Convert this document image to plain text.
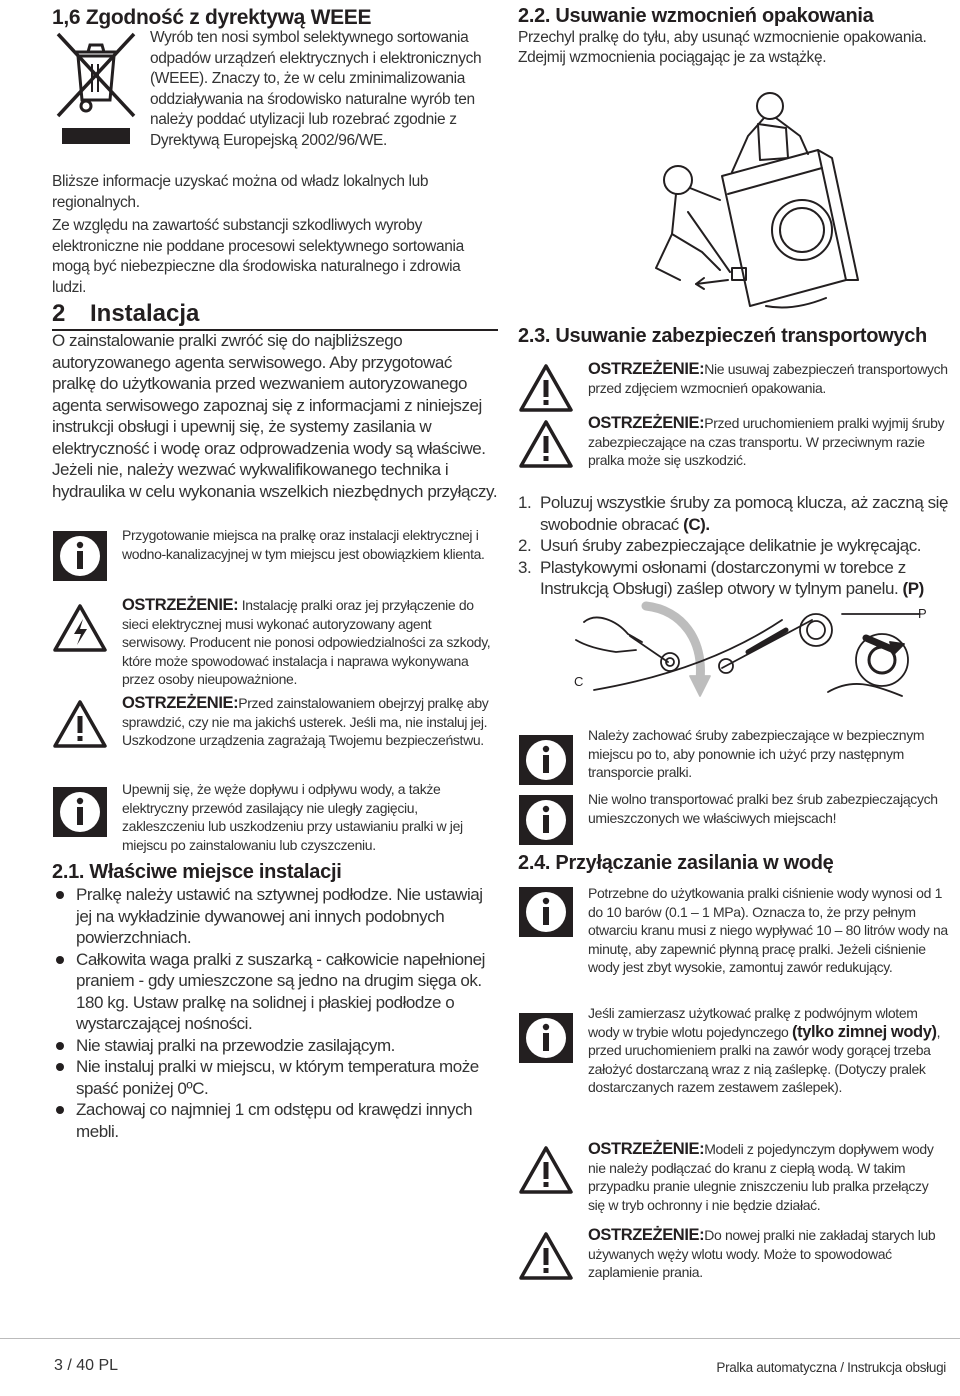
1,6 Zgodność z dyrektywą WEEE
Wyrób ten nosi symbol selektywnego sortowania odpadów urządzeń elektrycznych i elektronicznych (WEEE). Znaczy to, że w celu zminimalizowania oddziaływania na środowisko naturalne wyrób ten należy poddać utylizacji lub rozebrać zgodnie z Dyrektywą Europejską 2002/96/WE.
Bliższe informacje uzyskać można od władz lokalnych lub regionalnych.
Ze względu na zawartość substancji szkodliwych wyroby elektroniczne nie poddane procesowi selektywnego sortowania mogą być niebezpieczne dla środowiska naturalnego i zdrowia ludzi.
2 Instalacja
O zainstalowanie pralki zwróć się do najbliższego autoryzowanego agenta serwisowego. Aby przygotować pralkę do użytkowania przed wezwaniem autoryzowanego agenta serwisowego zapoznaj się z informacjami z niniejszej instrukcji obsługi i upewnij się, że systemy zasilania w elektryczność i wodę oraz odprowadzenia wody są właściwe. Jeżeli nie, należy wezwać wykwalifikowanego technika i hydraulika w celu wykonania wszelkich niezbędnych przyłączy.
Przygotowanie miejsca na pralkę oraz instalacji elektrycznej i wodno-kanalizacyjnej w tym miejscu jest obowiązkiem klienta.
OSTRZEŻENIE: Instalację pralki oraz jej przyłączenie do sieci elektrycznej musi wykonać autoryzowany agent serwisowy. Producent nie ponosi odpowiedzialności za szkody, które może spowodować instalacja i naprawa wykonywana przez osoby nieupoważnione.
OSTRZEŻENIE:Przed zainstalowaniem obejrzyj pralkę aby sprawdzić, czy nie ma jakichś usterek. Jeśli ma, nie instaluj jej. Uszkodzone urządzenia zagrażają Twojemu bezpieczeństwu.
Upewnij się, że węże dopływu i odpływu wody, a także elektryczny przewód zasilający nie uległy zagięciu, zakleszczeniu lub uszkodzeniu przy ustawianiu pralki w jej miejscu po zainstalowaniu lub czyszczeniu.
2.1. Właściwe miejsce instalacji
Pralkę należy ustawić na sztywnej podłodze. Nie ustawiaj jej na wykładzinie dywanowej ani innych podobnych powierzchniach.
Całkowita waga pralki z suszarką - całkowicie napełnionej praniem - gdy umieszczone są jedno na drugim sięga ok. 180 kg. Ustaw pralkę na solidnej i płaskiej podłodze o wystarczającej nośności.
Nie stawiaj pralki na przewodzie zasilającym.
Nie instaluj pralki w miejscu, w którym temperatura może spaść poniżej 0ºC.
Zachowaj co najmniej 1 cm odstępu od krawędzi innych mebli.
2.2. Usuwanie wzmocnień opakowania
Przechyl pralkę do tyłu, aby usunąć wzmocnienie opakowania. Zdejmij wzmocnienia pociągając je za wstążkę.
2.3. Usuwanie zabezpieczeń transportowych
OSTRZEŻENIE:Nie usuwaj zabezpieczeń transportowych przed zdjęciem wzmocnień opakowania.
OSTRZEŻENIE:Przed uruchomieniem pralki wyjmij śruby zabezpieczające na czas transportu. W przeciwnym razie pralka może się uszkodzić.
1. Poluzuj wszystkie śruby za pomocą klucza, aż zaczną się swobodnie obracać (C).
2. Usuń śruby zabezpieczające delikatnie je wykręcając.
3. Plastykowymi osłonami (dostarczonymi w torebce z Instrukcją Obsługi) zaślep otwory w tylnym panelu. (P)
C
P
Należy zachować śruby zabezpieczające w bezpiecznym miejscu po to, aby ponownie ich użyć przy następnym transporcie pralki.
Nie wolno transportować pralki bez śrub zabezpieczających umieszczonych we właściwych miejscach!
2.4. Przyłączanie zasilania w wodę
Potrzebne do użytkowania pralki ciśnienie wody wynosi od 1 do 10 barów (0.1 – 1 MPa). Oznacza to, że przy pełnym otwarciu kranu musi z niego wypływać 10 – 80 litrów wody na minutę, aby zapewnić płynną pracę pralki. Jeżeli ciśnienie wody jest zbyt wysokie, zamontuj zawór redukujący.
Jeśli zamierzasz użytkować pralkę z podwójnym wlotem wody w trybie wlotu pojedynczego (tylko zimnej wody), przed uruchomieniem pralki na zawór wody gorącej trzeba założyć dostarczaną wraz z nią zaślepkę. (Dotyczy pralek dostarczanych razem zestawem zaślepek).
OSTRZEŻENIE:Modeli z pojedynczym dopływem wody nie należy podłączać do kranu z ciepłą wodą. W takim przypadku pranie ulegnie zniszczeniu lub pralka przełączy się w tryb ochronny i nie będzie działać.
OSTRZEŻENIE:Do nowej pralki nie zakładaj starych lub używanych węży wlotu wody. Może to spowodować zaplamienie prania.
3 / 40 PL	Pralka automatyczna / Instrukcja obsługi
